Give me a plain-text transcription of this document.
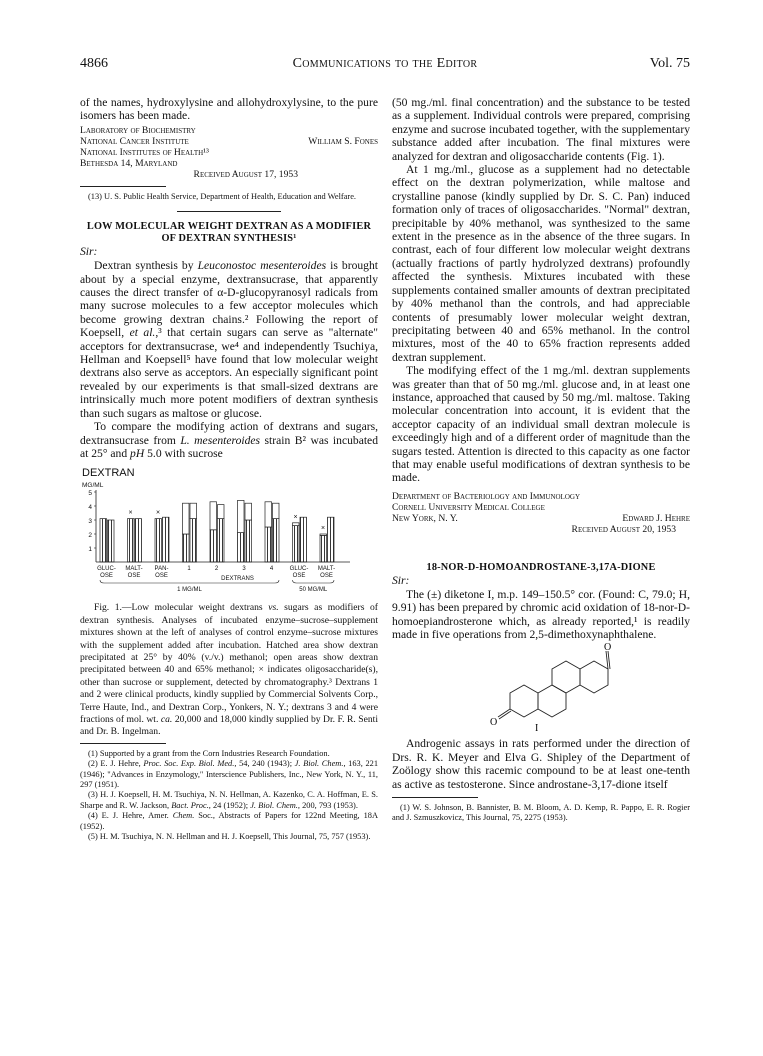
4866	Communications to the Editor	Vol. 75

of the names, hydroxylysine and allohydroxylysine, to the pure isomers has been made.

Laboratory of Biochemistry
National Cancer Institute	William S. Fones
National Institutes of Health¹³
Bethesda 14, Maryland
Received August 17, 1953

(13) U. S. Public Health Service, Department of Health, Education and Welfare.

LOW MOLECULAR WEIGHT DEXTRAN AS A MODIFIER OF DEXTRAN SYNTHESIS¹
Sir:

Dextran synthesis by Leuconostoc mesenteroides is brought about by a special enzyme, dextransucrase, that apparently causes the direct transfer of α-D-glucopyranosyl radicals from many sucrose molecules to a few acceptor molecules which become growing dextran chains.² Following the report of Koepsell, et al.,³ that certain sugars can serve as "alternate" acceptors for dextransucrase, we⁴ and independently Tsuchiya, Hellman and Koepsell⁵ have found that low molecular weight dextrans also serve as acceptors. An especially significant point revealed by our experiments is that small-sized dextrans are intrinsically much more potent modifiers of dextran synthesis than such sugars as maltose or glucose.

To compare the modifying action of dextrans and sugars, dextransucrase from L. mesenteroides strain B² was incubated at 25° and pH 5.0 with sucrose

DEXTRAN
MG/ML
1
2
3
4
5
GLUC-
OSE
MALT-
OSE
PAN-
OSE
1	2	3	4	GLUC-
OSE
MALT-
OSE
×	×
×
×
1 MG/ML
DEXTRANS
50 MG/ML

Fig. 1.—Low molecular weight dextrans vs. sugars as modifiers of dextran synthesis. Analyses of incubated enzyme–sucrose–supplement mixtures shown at the left of analyses of control enzyme–sucrose mixtures with the supplement added after incubation. Hatched area show dextran precipitated at 25° by 40% (v./v.) methanol; open areas show dextran precipitated between 40 and 65% methanol; × indicates oligosaccharide(s), other than sucrose or supplement, detected by chromatography.³ Dextrans 1 and 2 were clinical products, kindly supplied by Commercial Solvents Corp., Terre Haute, Ind., and Dextran Corp., Yonkers, N. Y.; dextrans 3 and 4 were fractions of mol. wt. ca. 20,000 and 18,000 kindly supplied by Dr. F. R. Senti and Dr. B. Ingelman.

(1) Supported by a grant from the Corn Industries Research Foundation.

(2) E. J. Hehre, Proc. Soc. Exp. Biol. Med., 54, 240 (1943); J. Biol. Chem., 163, 221 (1946); "Advances in Enzymology," Interscience Publishers, Inc., New York, N. Y., 11, 297 (1951).

(3) H. J. Koepsell, H. M. Tsuchiya, N. N. Hellman, A. Kazenko, C. A. Hoffman, E. S. Sharpe and R. W. Jackson, Bact. Proc., 24 (1952); J. Biol. Chem., 200, 793 (1953).

(4) E. J. Hehre, Amer. Chem. Soc., Abstracts of Papers for 122nd Meeting, 18A (1952).

(5) H. M. Tsuchiya, N. N. Hellman and H. J. Koepsell, This Journal, 75, 757 (1953).

(50 mg./ml. final concentration) and the substance to be tested as a supplement. Individual controls were prepared, comprising enzyme and sucrose incubated together, with the supplementary substance added after incubation. The final mixtures were analyzed for dextran and oligosaccharide contents (Fig. 1).

At 1 mg./ml., glucose as a supplement had no detectable effect on the dextran polymerization, while maltose and crystalline panose (kindly supplied by Dr. S. C. Pan) induced formation only of traces of oligosaccharides. "Normal" dextran, precipitable by 40% methanol, was synthesized to the same extent in the presence as in the absence of the three sugars. In contrast, each of four different low molecular weight dextrans (actually fractions of partly hydrolyzed dextrans) profoundly affected the synthesis. Mixtures incubated with these supplements contained smaller amounts of dextran precipitated by 40% methanol than the controls, and had appreciable contents of presumably lower molecular weight dextran, precipitating between 40 and 65% methanol. In the control mixtures, most of the 40 to 65% fraction represents added dextran supplement.

The modifying effect of the 1 mg./ml. dextran supplements was greater than that of 50 mg./ml. glucose and, in at least one instance, approached that caused by 50 mg./ml. maltose. Taking molecular concentration into account, it is evident that the acceptor capacity of an individual small dextran molecule is exceedingly high and of a different order of magnitude than the sugars tested. Attention is directed to this capacity as one factor that may enable useful modifications of dextran synthesis to be made.

Department of Bacteriology and Immunology
Cornell University Medical College
New York, N. Y.	Edward J. Hehre
Received August 20, 1953
18-NOR-D-HOMOANDROSTANE-3,17A-DIONE
Sir:

The (±) diketone I, m.p. 149–150.5° cor. (Found: C, 79.0; H, 9.91) has been prepared by chromic acid oxidation of 18-nor-D-homoepiandrosterone which, as already reported,¹ is readily made in five operations from 2,5-dimethoxynaphthalene.

O
O
I

Androgenic assays in rats performed under the direction of Drs. R. K. Meyer and Elva G. Shipley of the Department of Zoölogy show this racemic compound to be at least one-tenth as active as testosterone. Since androstane-3,17-dione itself

(1) W. S. Johnson, B. Bannister, B. M. Bloom, A. D. Kemp, R. Pappo, E. R. Rogier and J. Szmuszkovicz, This Journal, 75, 2275 (1953).
